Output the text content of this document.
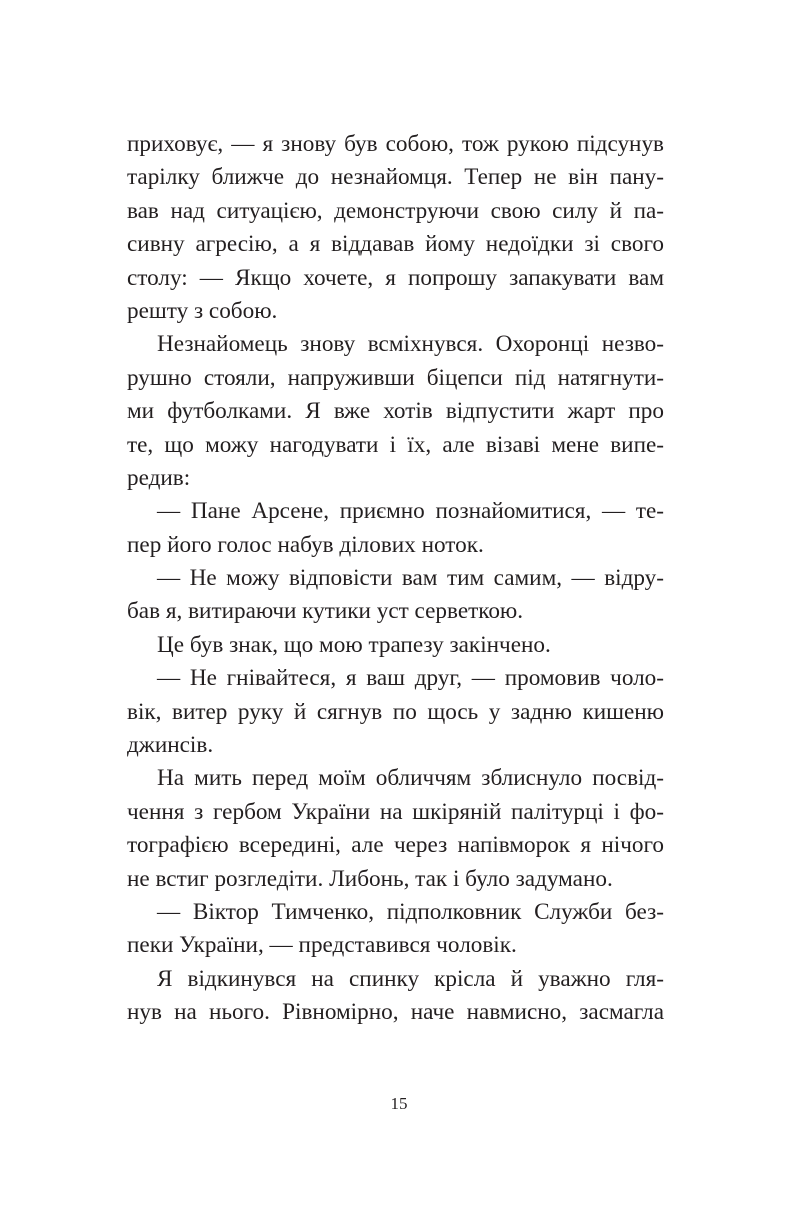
приховує, — я знову був собою, тож рукою підсунув
тарілку ближче до незнайомця. Тепер не він пану-
вав над ситуацією, демонструючи свою силу й па-
сивну агресію, а я віддавав йому недоїдки зі свого
столу: — Якщо хочете, я попрошу запакувати вам
решту з собою.
Незнайомець знову всміхнувся. Охоронці незво-
рушно стояли, напруживши біцепси під натягнути-
ми футболками. Я вже хотів відпустити жарт про
те, що можу нагодувати і їх, але візаві мене випе-
редив:
— Пане Арсене, приємно познайомитися, — те-
пер його голос набув ділових ноток.
— Не можу відповісти вам тим самим, — відру-
бав я, витираючи кутики уст серветкою.
Це був знак, що мою трапезу закінчено.
— Не гнівайтеся, я ваш друг, — промовив чоло-
вік, витер руку й сягнув по щось у задню кишеню
джинсів.
На мить перед моїм обличчям зблиснуло посвід-
чення з гербом України на шкіряній палітурці і фо-
тографією всередині, але через напівморок я нічого
не встиг розгледіти. Либонь, так і було задумано.
— Віктор Тимченко, підполковник Служби без-
пеки України, — представився чоловік.
Я відкинувся на спинку крісла й уважно гля-
нув на нього. Рівномірно, наче навмисно, засмагла
15
